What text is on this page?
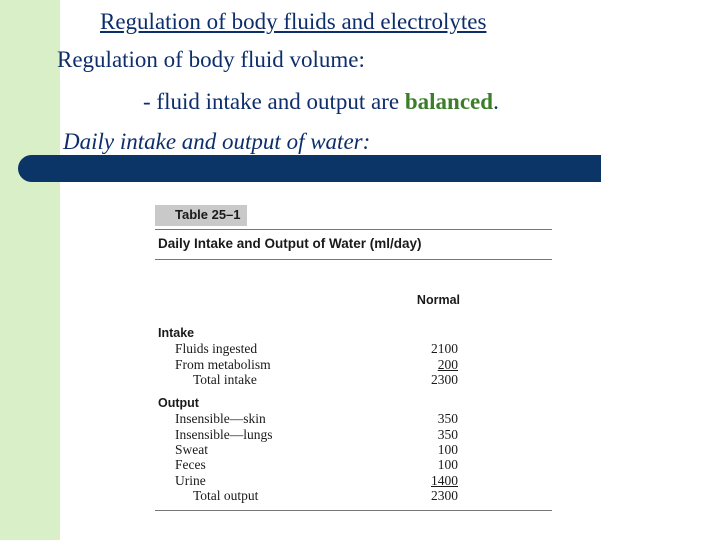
Regulation of body fluids and electrolytes
Regulation of body fluid volume:
- fluid intake and output are balanced.
Daily intake and output of water:
Table 25–1
Daily Intake and Output of Water (ml/day)
Normal
Intake
Fluids ingested	2100
From metabolism	200
Total intake	2300
Output
Insensible—skin	350
Insensible—lungs	350
Sweat	100
Feces	100
Urine	1400
Total output	2300
